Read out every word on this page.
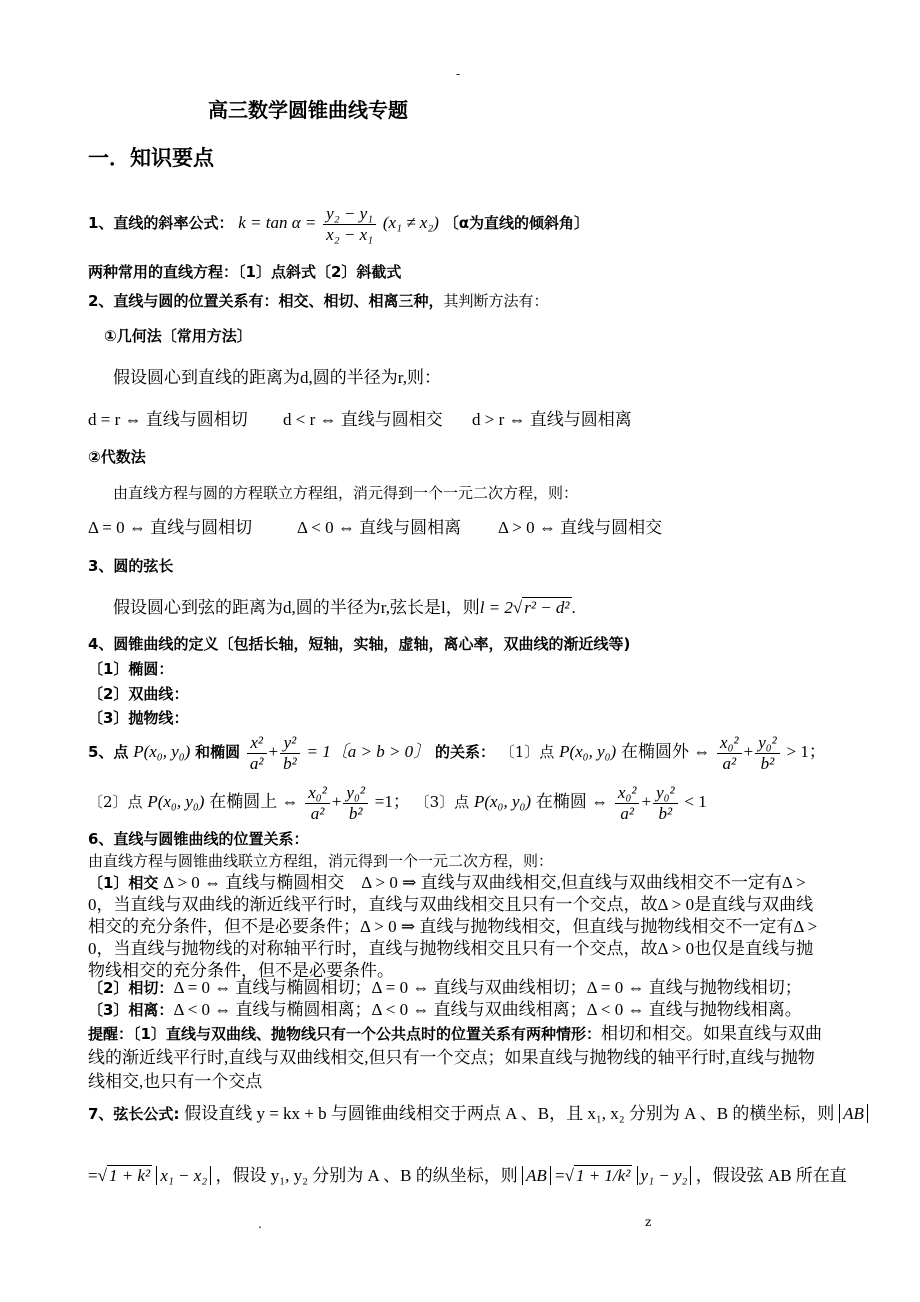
-
.	z
高三数学圆锥曲线专题
一．知识要点
1、直线的斜率公式： $k = \tan \alpha = \frac{\text{y₂ − y₁}}{\text{x₂ − x₁}} (x_1 \ne x_2)$ 〔α为直线的倾斜角〕
两种常用的直线方程：〔1〕点斜式〔2〕斜截式
2、直线与圆的位置关系有：相交、相切、相离三种，其判断方法有：
①几何法〔常用方法〕
假设圆心到直线的距离为d,圆的半径为r,则：
d = r ⇔ 直线与圆相切 d < r ⇔ 直线与圆相交 d > r ⇔ 直线与圆相离
②代数法
由直线方程与圆的方程联立方程组，消元得到一个一元二次方程，则：
Δ = 0 ⇔ 直线与圆相切	Δ < 0 ⇔ 直线与圆相离 Δ > 0 ⇔ 直线与圆相交
3、圆的弦长
假设圆心到弦的距离为d,圆的半径为r,弦长是l，则l = 2√ r² − d² .
4、圆锥曲线的定义〔包括长轴，短轴，实轴，虚轴，离心率，双曲线的渐近线等)
〔1〕椭圆：
〔2〕双曲线：
〔3〕抛物线：
5、点 P(x₀, y₀) 和椭圆 $\frac{\text{x²}}{\text{a²}} + \frac{\text{y²}}{\text{b²}} = 1$〔a > b > 0〕 的关系： 〔1〕点 P(x₀, y₀) 在椭圆外 ⇔ $\frac{\text{x₀²}}{\text{a²}} + \frac{\text{y₀²}}{\text{b²}} > 1$；
〔2〕点 P(x₀, y₀) 在椭圆上 ⇔ $\frac{\text{x₀²}}{\text{a²}} + \frac{\text{y₀²}}{\text{b²}} =1$； 〔3〕点 P(x₀, y₀) 在椭圆 ⇔ $\frac{\text{x₀²}}{\text{a²}} + \frac{\text{y₀²}}{\text{b²}} < 1$
6、直线与圆锥曲线的位置关系：
由直线方程与圆锥曲线联立方程组，消元得到一个一元二次方程，则：
〔1〕相交 Δ > 0 ⇔ 直线与椭圆相交　Δ > 0 ⇒ 直线与双曲线相交,但直线与双曲线相交不一定有Δ > 0，当直线与双曲线的渐近线平行时，直线与双曲线相交且只有一个交点，故Δ > 0是直线与双曲线相交的充分条件，但不是必要条件；Δ > 0 ⇒ 直线与抛物线相交，但直线与抛物线相交不一定有Δ > 0，当直线与抛物线的对称轴平行时，直线与抛物线相交且只有一个交点，故Δ > 0也仅是直线与抛物线相交的充分条件，但不是必要条件。
〔2〕相切：Δ = 0 ⇔ 直线与椭圆相切；Δ = 0 ⇔ 直线与双曲线相切；Δ = 0 ⇔ 直线与抛物线相切；
〔3〕相离：Δ < 0 ⇔ 直线与椭圆相离；Δ < 0 ⇔ 直线与双曲线相离；Δ < 0 ⇔ 直线与抛物线相离。
提醒：〔1〕直线与双曲线、抛物线只有一个公共点时的位置关系有两种情形：相切和相交。如果直线与双曲线的渐近线平行时,直线与双曲线相交,但只有一个交点；如果直线与抛物线的轴平行时,直线与抛物线相交,也只有一个交点
7、弦长公式: 假设直线 y = kx + b 与圆锥曲线相交于两点 A 、B，且 x₁, x₂ 分别为 A 、B 的横坐标，则 AB
=√ 1 + k² x₁ − x₂ ，假设 y₁, y₂ 分别为 A 、B 的纵坐标，则 AB =√ 1 + 1/k² y₁ − y₂ ，假设弦 AB 所在直
